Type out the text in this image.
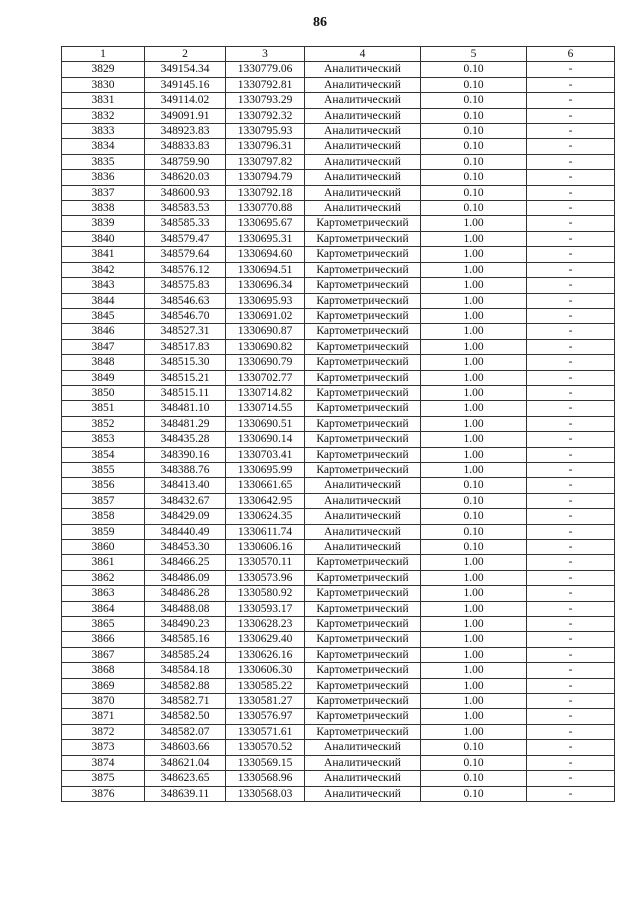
86
1	2	3	4	5	6
3829	349154.34	1330779.06	Аналитический	0.10	-
3830	349145.16	1330792.81	Аналитический	0.10	-
3831	349114.02	1330793.29	Аналитический	0.10	-
3832	349091.91	1330792.32	Аналитический	0.10	-
3833	348923.83	1330795.93	Аналитический	0.10	-
3834	348833.83	1330796.31	Аналитический	0.10	-
3835	348759.90	1330797.82	Аналитический	0.10	-
3836	348620.03	1330794.79	Аналитический	0.10	-
3837	348600.93	1330792.18	Аналитический	0.10	-
3838	348583.53	1330770.88	Аналитический	0.10	-
3839	348585.33	1330695.67	Картометрический	1.00	-
3840	348579.47	1330695.31	Картометрический	1.00	-
3841	348579.64	1330694.60	Картометрический	1.00	-
3842	348576.12	1330694.51	Картометрический	1.00	-
3843	348575.83	1330696.34	Картометрический	1.00	-
3844	348546.63	1330695.93	Картометрический	1.00	-
3845	348546.70	1330691.02	Картометрический	1.00	-
3846	348527.31	1330690.87	Картометрический	1.00	-
3847	348517.83	1330690.82	Картометрический	1.00	-
3848	348515.30	1330690.79	Картометрический	1.00	-
3849	348515.21	1330702.77	Картометрический	1.00	-
3850	348515.11	1330714.82	Картометрический	1.00	-
3851	348481.10	1330714.55	Картометрический	1.00	-
3852	348481.29	1330690.51	Картометрический	1.00	-
3853	348435.28	1330690.14	Картометрический	1.00	-
3854	348390.16	1330703.41	Картометрический	1.00	-
3855	348388.76	1330695.99	Картометрический	1.00	-
3856	348413.40	1330661.65	Аналитический	0.10	-
3857	348432.67	1330642.95	Аналитический	0.10	-
3858	348429.09	1330624.35	Аналитический	0.10	-
3859	348440.49	1330611.74	Аналитический	0.10	-
3860	348453.30	1330606.16	Аналитический	0.10	-
3861	348466.25	1330570.11	Картометрический	1.00	-
3862	348486.09	1330573.96	Картометрический	1.00	-
3863	348486.28	1330580.92	Картометрический	1.00	-
3864	348488.08	1330593.17	Картометрический	1.00	-
3865	348490.23	1330628.23	Картометрический	1.00	-
3866	348585.16	1330629.40	Картометрический	1.00	-
3867	348585.24	1330626.16	Картометрический	1.00	-
3868	348584.18	1330606.30	Картометрический	1.00	-
3869	348582.88	1330585.22	Картометрический	1.00	-
3870	348582.71	1330581.27	Картометрический	1.00	-
3871	348582.50	1330576.97	Картометрический	1.00	-
3872	348582.07	1330571.61	Картометрический	1.00	-
3873	348603.66	1330570.52	Аналитический	0.10	-
3874	348621.04	1330569.15	Аналитический	0.10	-
3875	348623.65	1330568.96	Аналитический	0.10	-
3876	348639.11	1330568.03	Аналитический	0.10	-
